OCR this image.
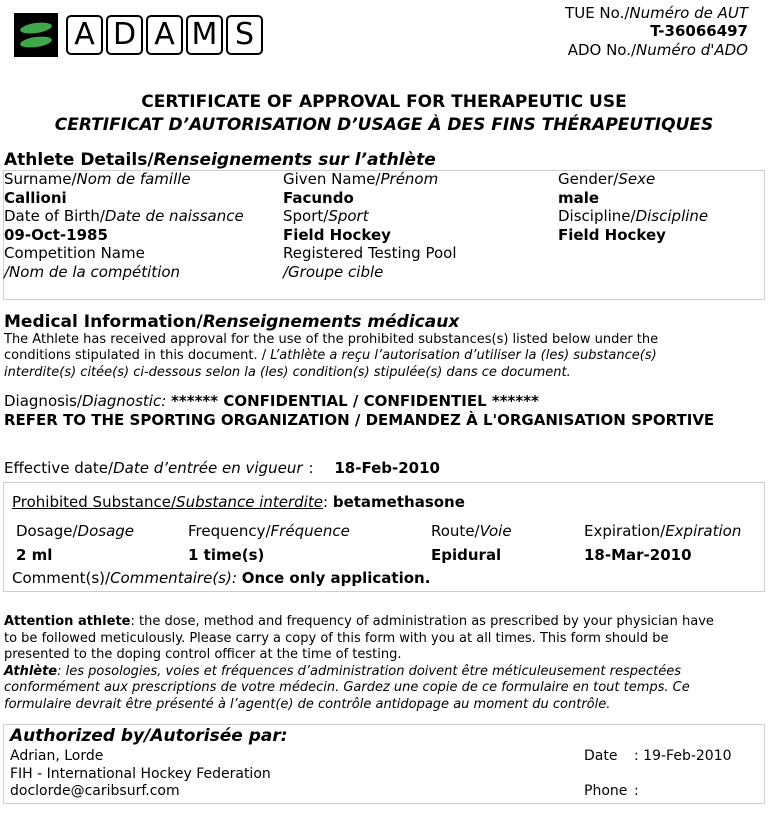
A D A M S
TUE No./Numéro de AUT
T-36066497
ADO No./Numéro d'ADO
CERTIFICATE OF APPROVAL FOR THERAPEUTIC USE
CERTIFICAT D’AUTORISATION D’USAGE À DES FINS THÉRAPEUTIQUES
Athlete Details/Renseignements sur l’athlète
Surname/Nom de famille
Callioni
Given Name/Prénom
Facundo
Gender/Sexe
male
Date of Birth/Date de naissance
09-Oct-1985
Sport/Sport
Field Hockey
Discipline/Discipline
Field Hockey
Competition Name
/Nom de la compétition
Registered Testing Pool
/Groupe cible
Medical Information/Renseignements médicaux
The Athlete has received approval for the use of the prohibited substances(s) listed below under the
conditions stipulated in this document. / L’athlète a reçu l’autorisation d’utiliser la (les) substance(s)
interdite(s) citée(s) ci-dessous selon la (les) condition(s) stipulée(s) dans ce document.
Diagnosis/Diagnostic: ****** CONFIDENTIAL / CONFIDENTIEL ******
REFER TO THE SPORTING ORGANIZATION / DEMANDEZ À L'ORGANISATION SPORTIVE
Effective date/Date d’entrée en vigueur : 18-Feb-2010
Prohibited Substance/Substance interdite: betamethasone
Dosage/Dosage
2 ml
Frequency/Fréquence
1 time(s)
Route/Voie
Epidural
Expiration/Expiration
18-Mar-2010
Comment(s)/Commentaire(s): Once only application.
Attention athlete: the dose, method and frequency of administration as prescribed by your physician have
to be followed meticulously. Please carry a copy of this form with you at all times. This form should be
presented to the doping control officer at the time of testing.
Athlète: les posologies, voies et fréquences d’administration doivent être méticuleusement respectées
conformément aux prescriptions de votre médecin. Gardez une copie de ce formulaire en tout temps. Ce
formulaire devrait être présenté à l’agent(e) de contrôle antidopage au moment du contrôle.
Authorized by/Autorisée par:
Adrian, Lorde
FIH - International Hockey Federation
doclorde@caribsurf.com
Date : 19-Feb-2010
Phone :
